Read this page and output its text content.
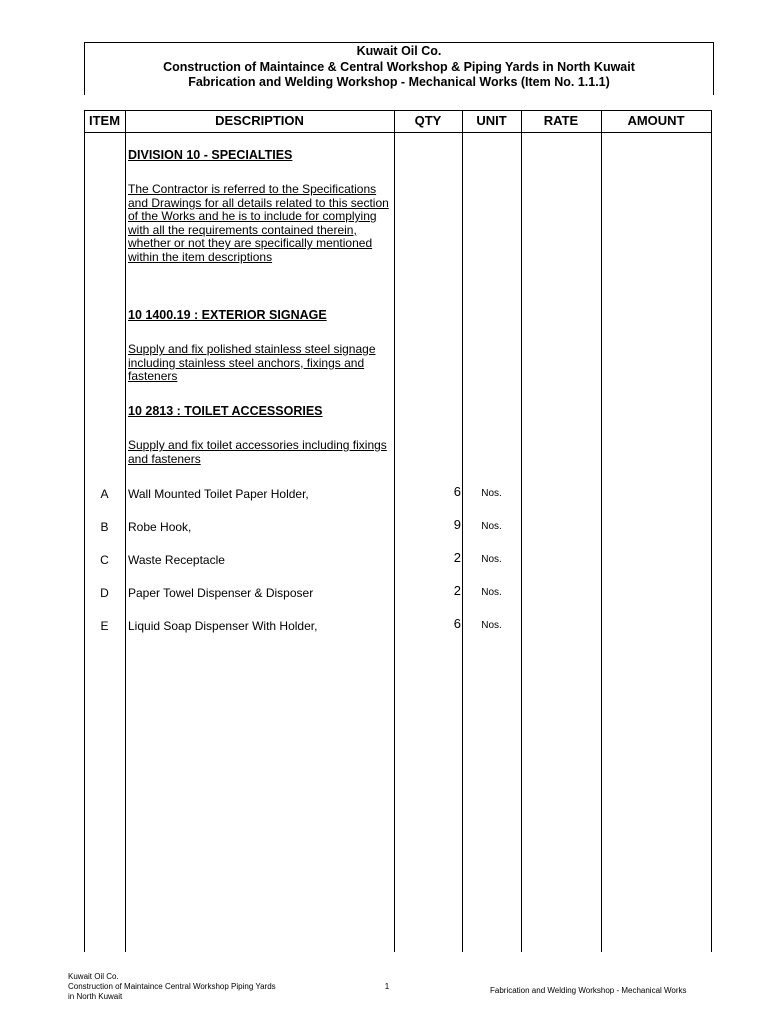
Kuwait Oil Co.
Construction of Maintaince & Central Workshop & Piping Yards in North Kuwait
Fabrication and Welding Workshop - Mechanical Works (Item No. 1.1.1)
ITEM	DESCRIPTION	QTY	UNIT	RATE	AMOUNT
DIVISION 10 - SPECIALTIES
The Contractor is referred to the Specifications and Drawings for all details related to this section of the Works and he is to include for complying with all the requirements contained therein, whether or not they are specifically mentioned within the item descriptions
10 1400.19 : EXTERIOR SIGNAGE
Supply and fix polished stainless steel signage including stainless steel anchors, fixings and fasteners
10 2813 : TOILET ACCESSORIES
Supply and fix toilet accessories including fixings and fasteners
A	Wall Mounted Toilet Paper Holder,	6 Nos.
B	Robe Hook,	9 Nos.
C	Waste Receptacle	2 Nos.
D	Paper Towel Dispenser & Disposer	2 Nos.
E	Liquid Soap Dispenser With Holder,	6 Nos.
Kuwait Oil Co.
Construction of Maintaince Central Workshop Piping Yards
in North Kuwait
1	Fabrication and Welding Workshop - Mechanical Works
